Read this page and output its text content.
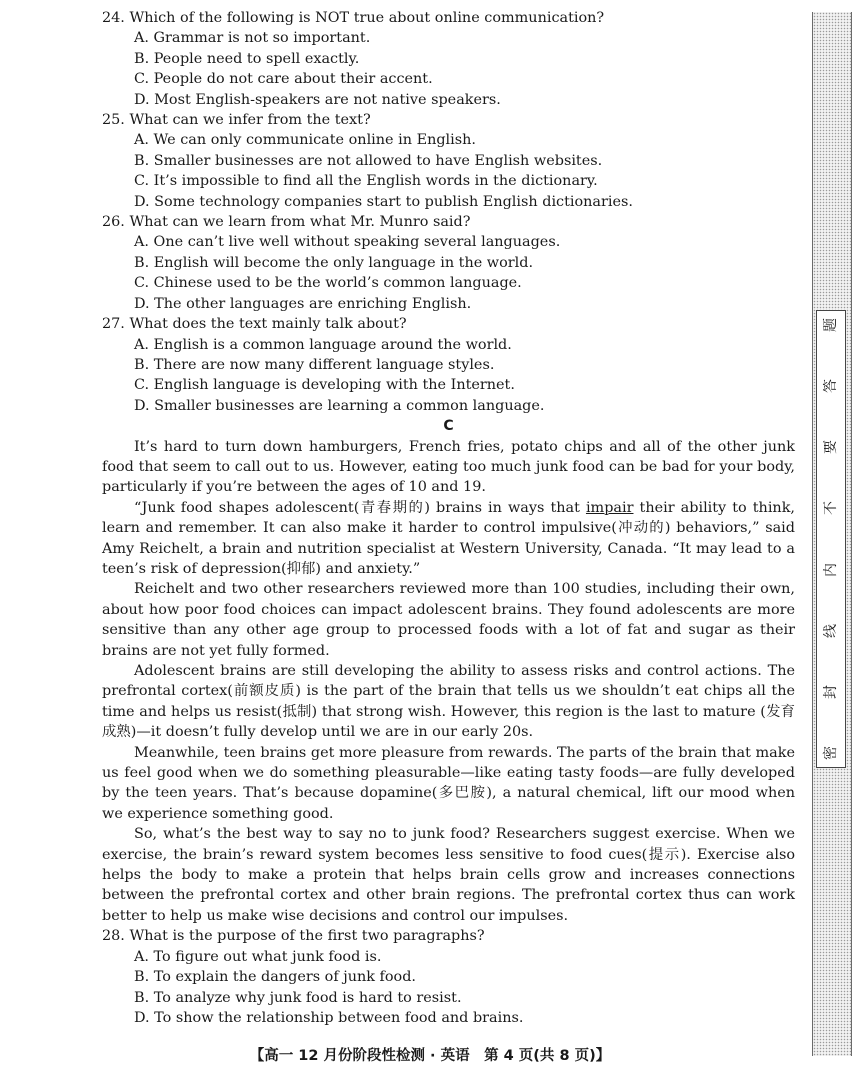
24. Which of the following is NOT true about online communication?

A. Grammar is not so important.

B. People need to spell exactly.

C. People do not care about their accent.

D. Most English-speakers are not native speakers.

25. What can we infer from the text?

A. We can only communicate online in English.

B. Smaller businesses are not allowed to have English websites.

C. It’s impossible to find all the English words in the dictionary.

D. Some technology companies start to publish English dictionaries.

26. What can we learn from what Mr. Munro said?

A. One can’t live well without speaking several languages.

B. English will become the only language in the world.

C. Chinese used to be the world’s common language.

D. The other languages are enriching English.

27. What does the text mainly talk about?

A. English is a common language around the world.

B. There are now many different language styles.

C. English language is developing with the Internet.

D. Smaller businesses are learning a common language.

C

It’s hard to turn down hamburgers, French fries, potato chips and all of the other junk food that seem to call out to us. However, eating too much junk food can be bad for your body, particularly if you’re between the ages of 10 and 19.

“Junk food shapes adolescent(青春期的) brains in ways that impair their ability to think, learn and remember. It can also make it harder to control impulsive(冲动的) behaviors,” said Amy Reichelt, a brain and nutrition specialist at Western University, Canada. “It may lead to a teen’s risk of depression(抑郁) and anxiety.”

Reichelt and two other researchers reviewed more than 100 studies, including their own, about how poor food choices can impact adolescent brains. They found adolescents are more sensitive than any other age group to processed foods with a lot of fat and sugar as their brains are not yet fully formed.

Adolescent brains are still developing the ability to assess risks and control actions. The prefrontal cortex(前额皮质) is the part of the brain that tells us we shouldn’t eat chips all the time and helps us resist(抵制) that strong wish. However, this region is the last to mature (发育成熟)—it doesn’t fully develop until we are in our early 20s.

Meanwhile, teen brains get more pleasure from rewards. The parts of the brain that make us feel good when we do something pleasurable—like eating tasty foods—are fully developed by the teen years. That’s because dopamine(多巴胺), a natural chemical, lift our mood when we experience something good.

So, what’s the best way to say no to junk food? Researchers suggest exercise. When we exercise, the brain’s reward system becomes less sensitive to food cues(提示). Exercise also helps the body to make a protein that helps brain cells grow and increases connections between the prefrontal cortex and other brain regions. The prefrontal cortex thus can work better to help us make wise decisions and control our impulses.

28. What is the purpose of the first two paragraphs?

A. To figure out what junk food is.

B. To explain the dangers of junk food.

B. To analyze why junk food is hard to resist.

D. To show the relationship between food and brains.

【高一 12 月份阶段性检测 · 英语　第 4 页(共 8 页)】
题
答
要
不
内
线
封
密
